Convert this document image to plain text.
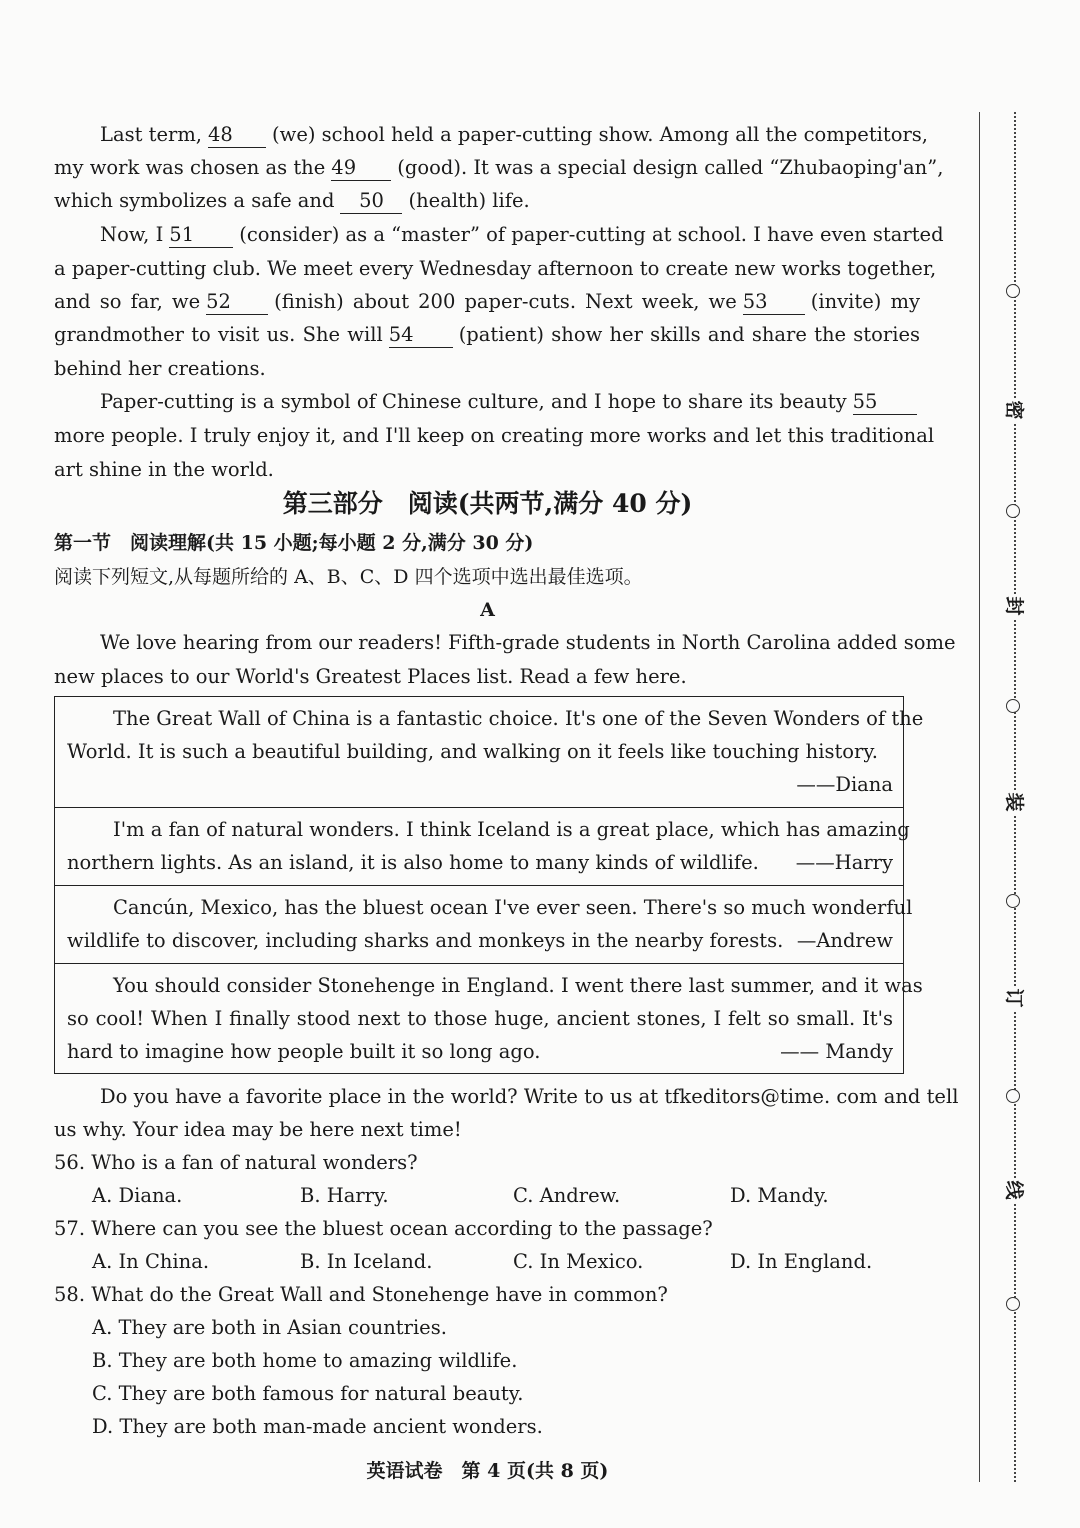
Last term, 48 (we) school held a paper-cutting show. Among all the competitors,
my work was chosen as the 49 (good). It was a special design called “Zhubaoping'an”,
which symbolizes a safe and 50 (health) life.
Now, I 51 (consider) as a “master” of paper-cutting at school. I have even started
a paper-cutting club. We meet every Wednesday afternoon to create new works together,
and so far, we 52 (finish) about 200 paper-cuts. Next week, we 53 (invite) my
grandmother to visit us. She will 54 (patient) show her skills and share the stories
behind her creations.
Paper-cutting is a symbol of Chinese culture, and I hope to share its beauty 55
more people. I truly enjoy it, and I'll keep on creating more works and let this traditional
art shine in the world.
第三部分　阅读(共两节,满分 40 分)
第一节　阅读理解(共 15 小题;每小题 2 分,满分 30 分)
阅读下列短文,从每题所给的 A、B、C、D 四个选项中选出最佳选项。
A
We love hearing from our readers! Fifth-grade students in North Carolina added some
new places to our World's Greatest Places list. Read a few here.
The Great Wall of China is a fantastic choice. It's one of the Seven Wonders of the
World. It is such a beautiful building, and walking on it feels like touching history.
——Diana
I'm a fan of natural wonders. I think Iceland is a great place, which has amazing
northern lights. As an island, it is also home to many kinds of wildlife.	——Harry
Cancún, Mexico, has the bluest ocean I've ever seen. There's so much wonderful
wildlife to discover, including sharks and monkeys in the nearby forests. —Andrew
You should consider Stonehenge in England. I went there last summer, and it was
so cool! When I finally stood next to those huge, ancient stones, I felt so small. It's
hard to imagine how people built it so long ago.	—— Mandy
Do you have a favorite place in the world? Write to us at tfkeditors@time. com and tell
us why. Your idea may be here next time!
56. Who is a fan of natural wonders?
A. Diana.	B. Harry.	C. Andrew.	D. Mandy.
57. Where can you see the bluest ocean according to the passage?
A. In China.	B. In Iceland.	C. In Mexico.	D. In England.
58. What do the Great Wall and Stonehenge have in common?
A. They are both in Asian countries.
B. They are both home to amazing wildlife.
C. They are both famous for natural beauty.
D. They are both man-made ancient wonders.
英语试卷　第 4 页(共 8 页)
密
封
装
订
线
